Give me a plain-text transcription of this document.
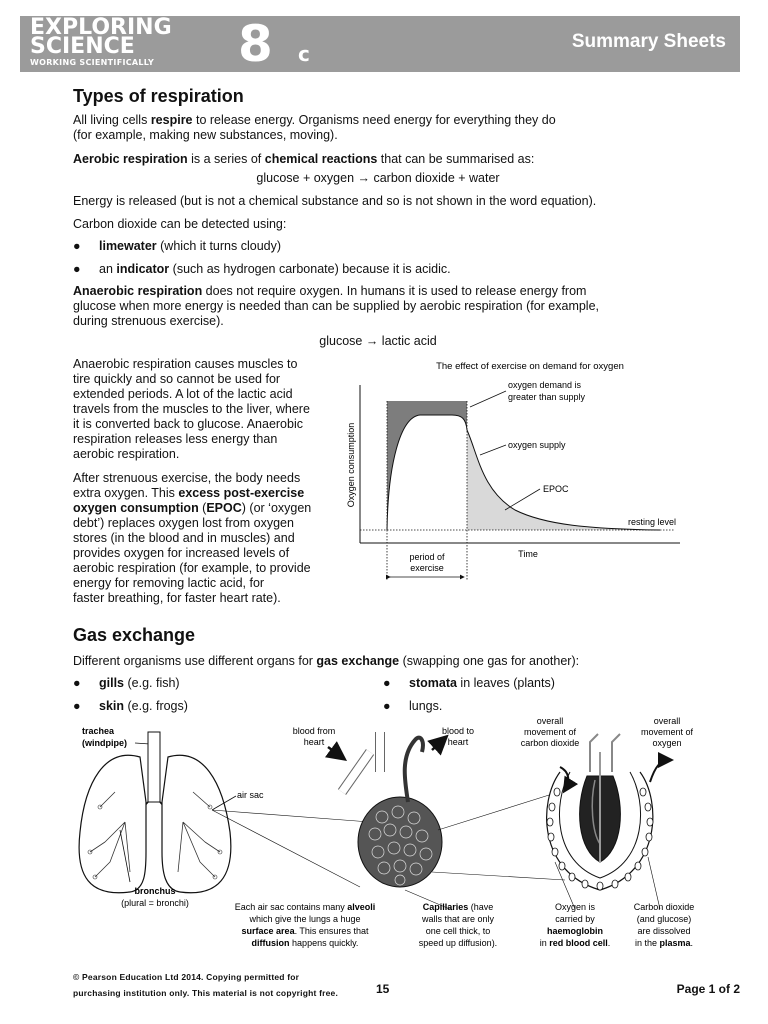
EXPLORING
SCIENCE
WORKING SCIENTIFICALLY 8 c
Summary Sheets
Types of respiration
All living cells respire to release energy. Organisms need energy for everything they do
(for example, making new substances, moving).
Aerobic respiration is a series of chemical reactions that can be summarised as:
glucose + oxygen → carbon dioxide + water
Energy is released (but is not a chemical substance and so is not shown in the word equation).
Carbon dioxide can be detected using:
● limewater (which it turns cloudy)
● an indicator (such as hydrogen carbonate) because it is acidic.
Anaerobic respiration does not require oxygen. In humans it is used to release energy from
glucose when more energy is needed than can be supplied by aerobic respiration (for example,
during strenuous exercise).
glucose → lactic acid
Anaerobic respiration causes muscles to
tire quickly and so cannot be used for
extended periods. A lot of the lactic acid
travels from the muscles to the liver, where
it is converted back to glucose. Anaerobic
respiration releases less energy than
aerobic respiration.
After strenuous exercise, the body needs
extra oxygen. This excess post-exercise
oxygen consumption (EPOC) (or ‘oxygen
debt’) replaces oxygen lost from oxygen
stores (in the blood and in muscles) and
provides oxygen for increased levels of
aerobic respiration (for example, to provide
energy for removing lactic acid, for
faster breathing, for faster heart rate).
The effect of exercise on demand for oxygen
Oxygen consumption
Time
oxygen demand is
greater than supply
oxygen supply
EPOC
resting level
period of
exercise
Gas exchange
Different organisms use different organs for gas exchange (swapping one gas for another):
● gills (e.g. fish)
● skin (e.g. frogs)
● stomata in leaves (plants)
● lungs.
trachea
(windpipe)
air sac
bronchus
(plural = bronchi)
blood from
heart
blood to
heart
overall
movement of
carbon dioxide
overall
movement of
oxygen
Each air sac contains many alveoli
which give the lungs a huge
surface area. This ensures that
diffusion happens quickly.
Capillaries (have
walls that are only
one cell thick, to
speed up diffusion).
Oxygen is
carried by
haemoglobin
in red blood cell.
Carbon dioxide
(and glucose)
are dissolved
in the plasma.
© Pearson Education Ltd 2014. Copying permitted for
purchasing institution only. This material is not copyright free.	15	Page 1 of 2
